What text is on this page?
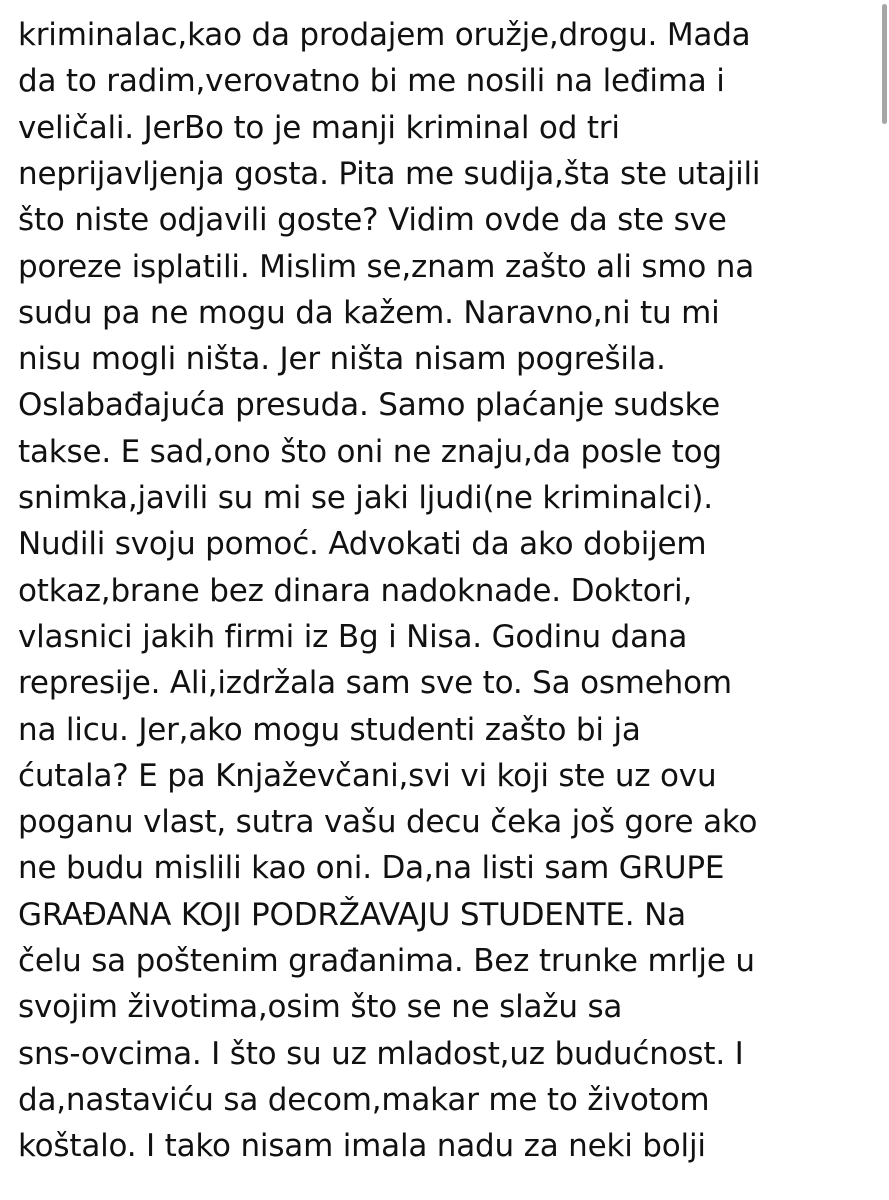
kriminalac,kao da prodajem oružje,drogu. Mada
da to radim,verovatno bi me nosili na leđima i
veličali. JerBo to je manji kriminal od tri
neprijavljenja gosta. Pita me sudija,šta ste utajili
što niste odjavili goste? Vidim ovde da ste sve
poreze isplatili. Mislim se,znam zašto ali smo na
sudu pa ne mogu da kažem. Naravno,ni tu mi
nisu mogli ništa. Jer ništa nisam pogrešila.
Oslabađajuća presuda. Samo plaćanje sudske
takse. E sad,ono što oni ne znaju,da posle tog
snimka,javili su mi se jaki ljudi(ne kriminalci).
Nudili svoju pomoć. Advokati da ako dobijem
otkaz,brane bez dinara nadoknade. Doktori,
vlasnici jakih firmi iz Bg i Nisa. Godinu dana
represije. Ali,izdržala sam sve to. Sa osmehom
na licu. Jer,ako mogu studenti zašto bi ja
ćutala? E pa Knjaževčani,svi vi koji ste uz ovu
poganu vlast, sutra vašu decu čeka još gore ako
ne budu mislili kao oni. Da,na listi sam GRUPE
GRAĐANA KOJI PODRŽAVAJU STUDENTE. Na
čelu sa poštenim građanima. Bez trunke mrlje u
svojim životima,osim što se ne slažu sa
sns-ovcima. I što su uz mladost,uz budućnost. I
da,nastaviću sa decom,makar me to životom
koštalo. I tako nisam imala nadu za neki bolji
